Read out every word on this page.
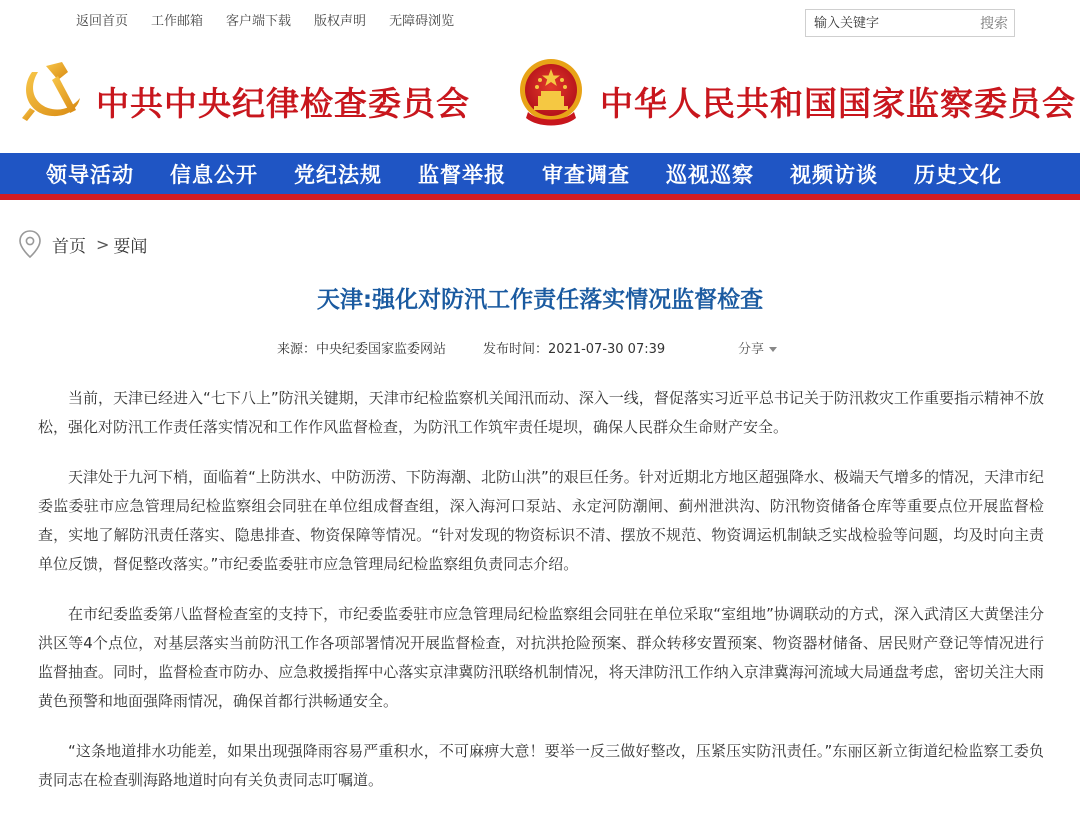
返回首页 工作邮箱 客户端下载 版权声明 无障碍浏览
输入关键字	搜索
中共中央纪律检查委员会	中华人民共和国国家监察委员会
领导活动 信息公开 党纪法规 监督举报 审查调查 巡视巡察 视频访谈 历史文化
首页 > 要闻
天津:强化对防汛工作责任落实情况监督检查
来源：中央纪委国家监委网站	发布时间：2021-07-30 07:39	分享

当前，天津已经进入“七下八上”防汛关键期，天津市纪检监察机关闻汛而动、深入一线，督促落实习近平总书记关于防汛救灾工作重要指示精神不放松，强化对防汛工作责任落实情况和工作作风监督检查，为防汛工作筑牢责任堤坝，确保人民群众生命财产安全。

天津处于九河下梢，面临着“上防洪水、中防沥涝、下防海潮、北防山洪”的艰巨任务。针对近期北方地区超强降水、极端天气增多的情况，天津市纪委监委驻市应急管理局纪检监察组会同驻在单位组成督查组，深入海河口泵站、永定河防潮闸、蓟州泄洪沟、防汛物资储备仓库等重要点位开展监督检查，实地了解防汛责任落实、隐患排查、物资保障等情况。“针对发现的物资标识不清、摆放不规范、物资调运机制缺乏实战检验等问题，均及时向主责单位反馈，督促整改落实。”市纪委监委驻市应急管理局纪检监察组负责同志介绍。

在市纪委监委第八监督检查室的支持下，市纪委监委驻市应急管理局纪检监察组会同驻在单位采取“室组地”协调联动的方式，深入武清区大黄堡洼分洪区等4个点位，对基层落实当前防汛工作各项部署情况开展监督检查，对抗洪抢险预案、群众转移安置预案、物资器材储备、居民财产登记等情况进行监督抽查。同时，监督检查市防办、应急救援指挥中心落实京津冀防汛联络机制情况，将天津防汛工作纳入京津冀海河流域大局通盘考虑，密切关注大雨黄色预警和地面强降雨情况，确保首都行洪畅通安全。

“这条地道排水功能差，如果出现强降雨容易严重积水，不可麻痹大意！要举一反三做好整改，压紧压实防汛责任。”东丽区新立街道纪检监察工委负责同志在检查驯海路地道时向有关负责同志叮嘱道。
